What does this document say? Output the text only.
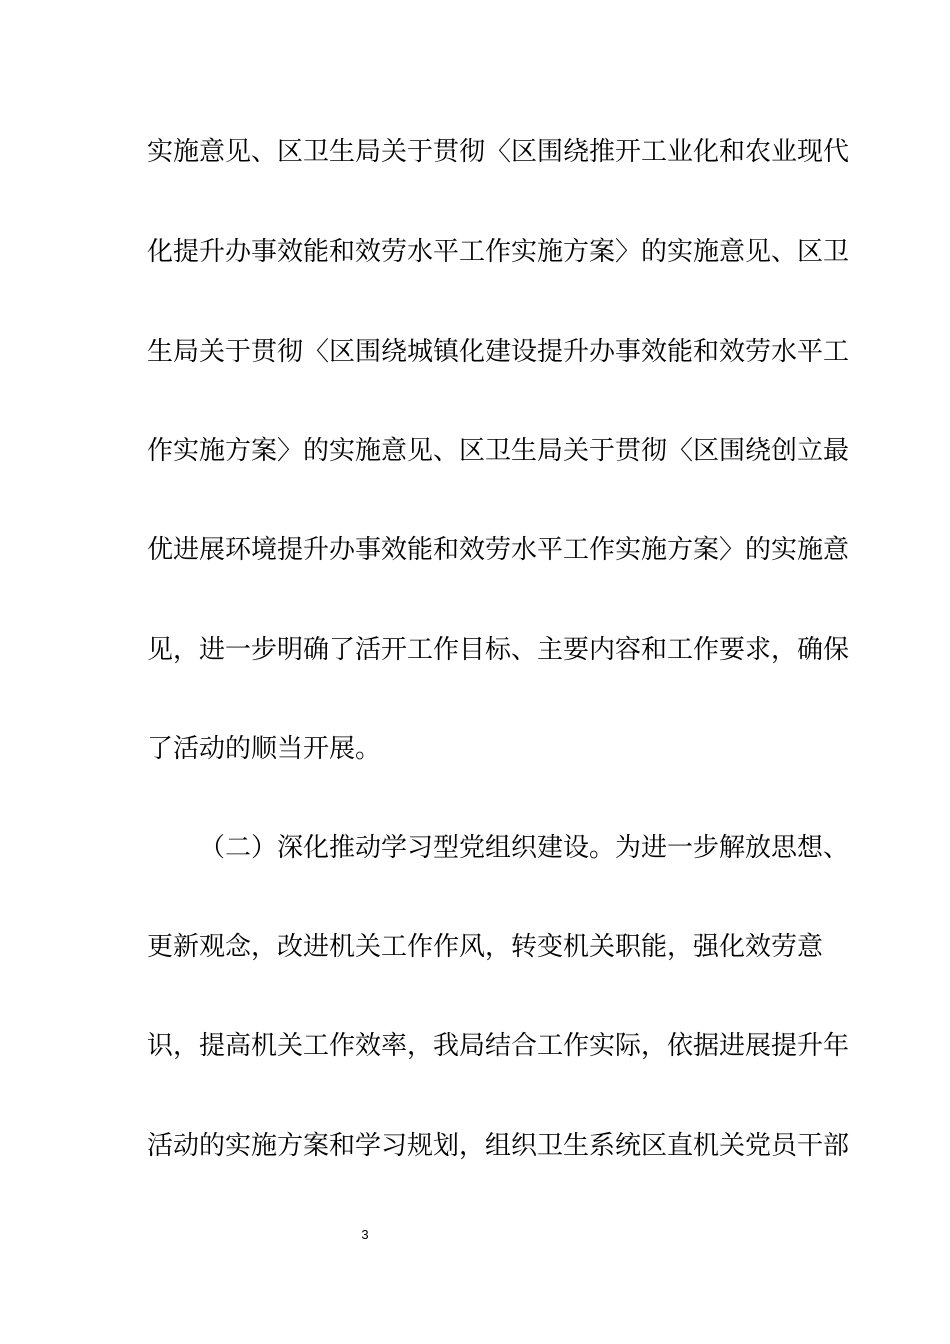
实施意见、区卫生局关于贯彻〈区围绕推开工业化和农业现代
化提升办事效能和效劳水平工作实施方案〉的实施意见、区卫
生局关于贯彻〈区围绕城镇化建设提升办事效能和效劳水平工
作实施方案〉的实施意见、区卫生局关于贯彻〈区围绕创立最
优进展环境提升办事效能和效劳水平工作实施方案〉的实施意
见，进一步明确了活开工作目标、主要内容和工作要求，确保
了活动的顺当开展。
（二）深化推动学习型党组织建设。为进一步解放思想、
更新观念，改进机关工作作风，转变机关职能，强化效劳意
识，提高机关工作效率，我局结合工作实际，依据进展提升年
活动的实施方案和学习规划，组织卫生系统区直机关党员干部
3
